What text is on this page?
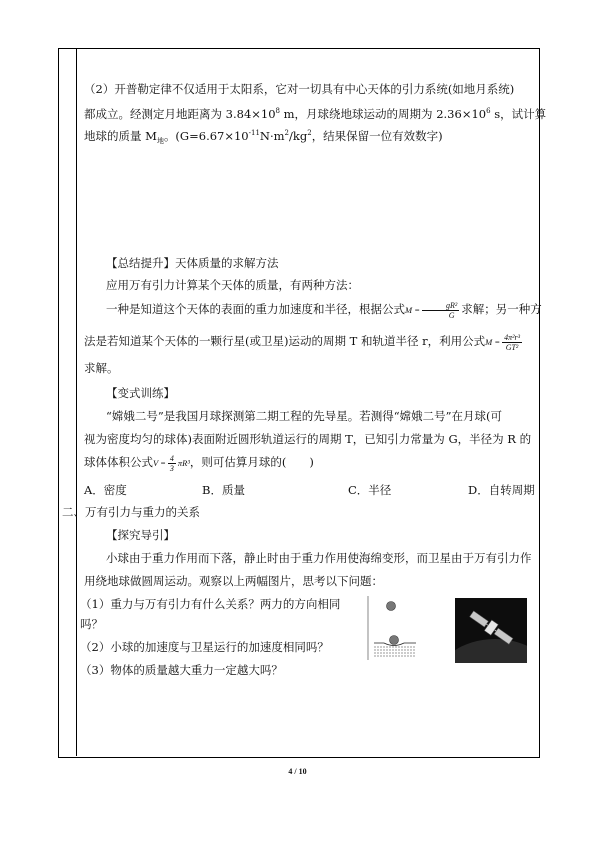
（2）开普勒定律不仅适用于太阳系，它对一切具有中心天体的引力系统(如地月系统)
都成立。经测定月地距离为 $3.84\times 10^8$ m，月球绕地球运动的周期为 $2.36\times 10^6$ s，试计算
地球的质量 $M_地$。($G=6.67\times 10^{-11}N\cdot m^2/kg^2$，结果保留一位有效数字)
【总结提升】天体质量的求解方法
应用万有引力计算某个天体的质量，有两种方法：
一种是知道这个天体的表面的重力加速度和半径，根据公式$M = \frac{\text{gR²}}{G}$ 求解；另一种方
法是若知道某个天体的一颗行星(或卫星)运动的周期 T 和轨道半径 r，利用公式$M = \frac{\text{4π²r³}}{\text{GT²}}$
求解。
【变式训练】
“嫦娥二号”是我国月球探测第二期工程的先导星。若测得“嫦娥二号”在月球(可
视为密度均匀的球体)表面附近圆形轨道运行的周期 T，已知引力常量为 G，半径为 R 的
球体体积公式$V = \frac{4}{3} \pi R^3$，则可估算月球的(　　)
A．密度	B．质量	C．半径	D．自转周期
二、万有引力与重力的关系
【探究导引】
小球由于重力作用而下落，静止时由于重力作用使海绵变形，而卫星由于万有引力作
用绕地球做圆周运动。观察以上两幅图片，思考以下问题：
（1）重力与万有引力有什么关系？两力的方向相同
吗？
（2）小球的加速度与卫星运行的加速度相同吗？
（3）物体的质量越大重力一定越大吗？
4 / 10
